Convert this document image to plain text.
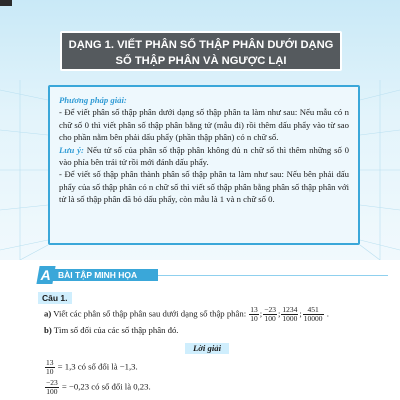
DẠNG 1. VIẾT PHÂN SỐ THẬP PHÂN DƯỚI DẠNG
SỐ THẬP PHÂN VÀ NGƯỢC LẠI

Phương pháp giải:

- Để viết phân số thập phân dưới dạng số thập phân ta làm như sau: Nếu mẫu có n chữ số 0 thì viết phân số thập phân bằng tử (mẫu đi) rồi thêm dấu phẩy vào từ sao cho phần nằm bên phải dấu phẩy (phần thập phân) có n chữ số.

Lưu ý: Nếu tử số của phân số thập phân không đủ n chữ số thì thêm những số 0 vào phía bên trái tử rồi mới đánh dấu phẩy.

- Để viết số thập phân thành phân số thập phân ta làm như sau: Nếu bên phải dấu phẩy của số thập phân có n chữ số thì viết số thập phân bằng phân số thập phân với tử là số thập phân đã bỏ dấu phẩy, còn mẫu là 1 và n chữ số 0.

BÀI TẬP MINH HỌA
A
Câu 1.
a) Viết các phân số thập phân sau dưới dạng số thập phân: $\frac{13}{10}$ ; $\frac{-23}{100}$ ; $\frac{1234}{1000}$ ; $\frac{451}{10000}$ .
b) Tìm số đối của các số thập phân đó.
Lời giải
$\frac{13}{10} = 1,3$ có số đối là −1,3.
$\frac{-23}{100} = -0,23$ có số đối là 0,23.
